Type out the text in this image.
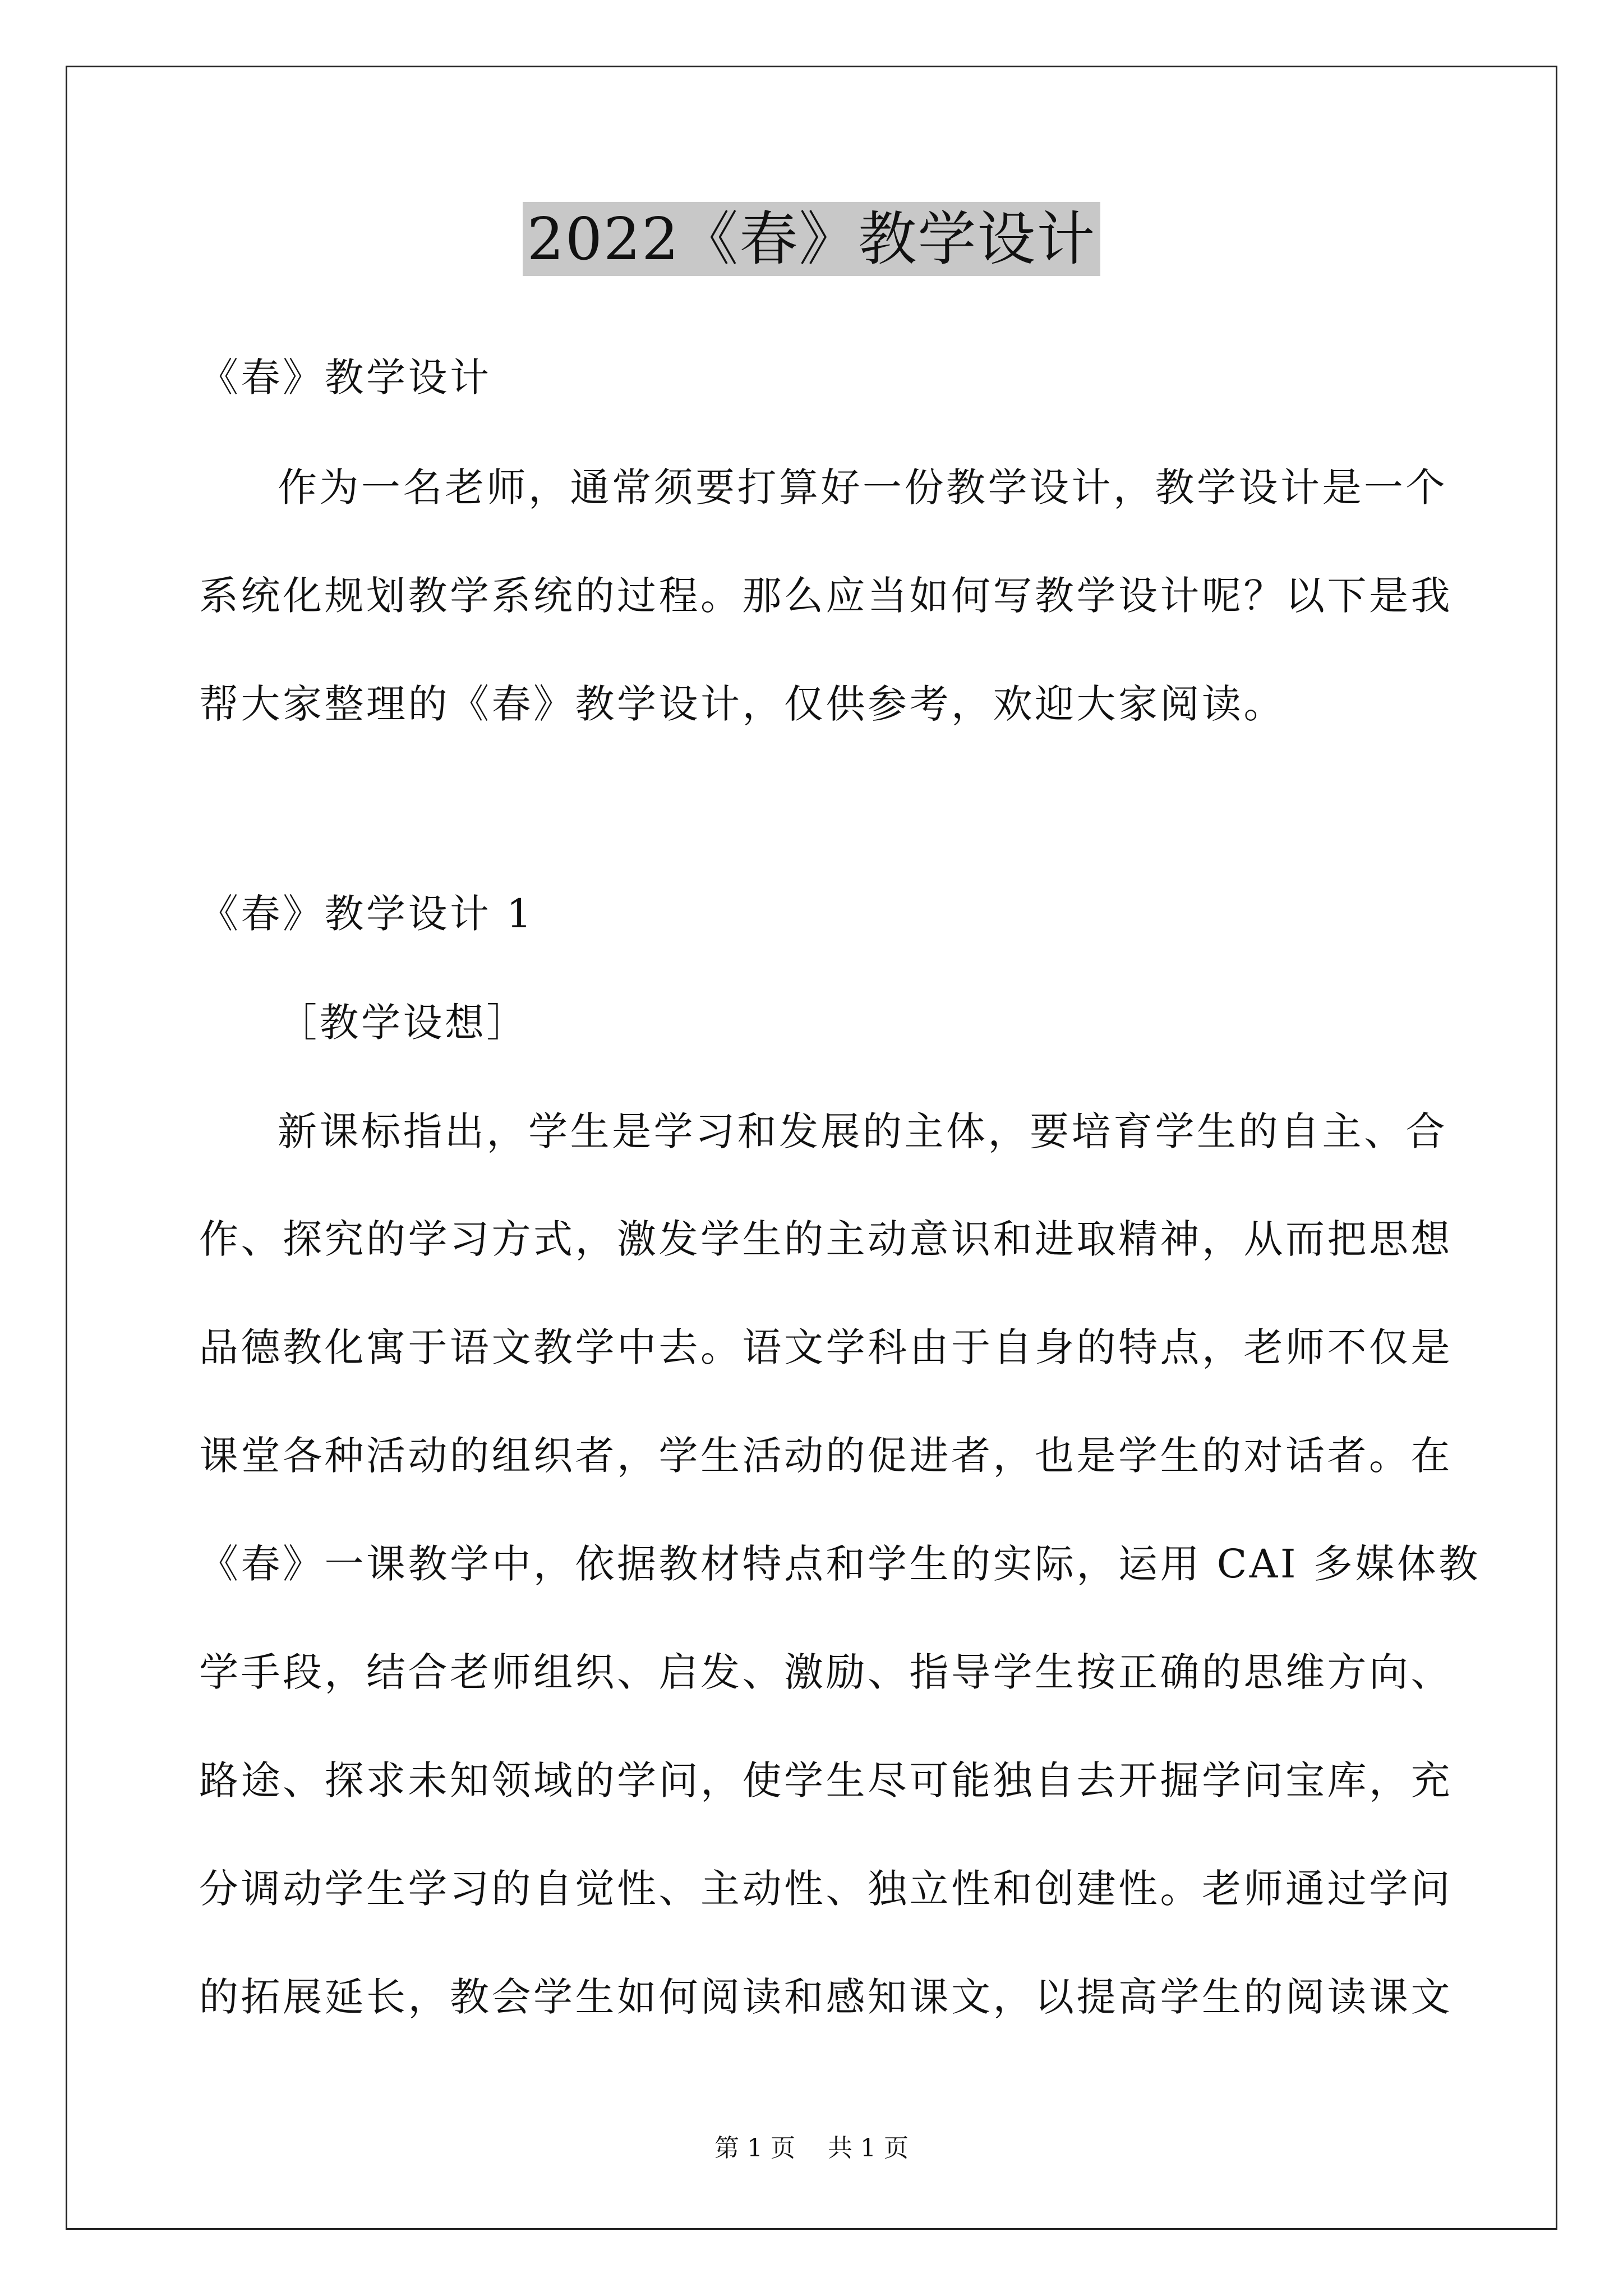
2022《春》教学设计
《春》教学设计
作为一名老师，通常须要打算好一份教学设计，教学设计是一个
系统化规划教学系统的过程。那么应当如何写教学设计呢？以下是我
帮大家整理的《春》教学设计，仅供参考，欢迎大家阅读。
《春》教学设计 1
［教学设想］
新课标指出，学生是学习和发展的主体，要培育学生的自主、合
作、探究的学习方式，激发学生的主动意识和进取精神，从而把思想
品德教化寓于语文教学中去。语文学科由于自身的特点，老师不仅是
课堂各种活动的组织者，学生活动的促进者，也是学生的对话者。在
《春》一课教学中，依据教材特点和学生的实际，运用 CAI 多媒体教
学手段，结合老师组织、启发、激励、指导学生按正确的思维方向、
路途、探求未知领域的学问，使学生尽可能独自去开掘学问宝库，充
分调动学生学习的自觉性、主动性、独立性和创建性。老师通过学问
的拓展延长，教会学生如何阅读和感知课文，以提高学生的阅读课文
第 1 页　 共 1 页
